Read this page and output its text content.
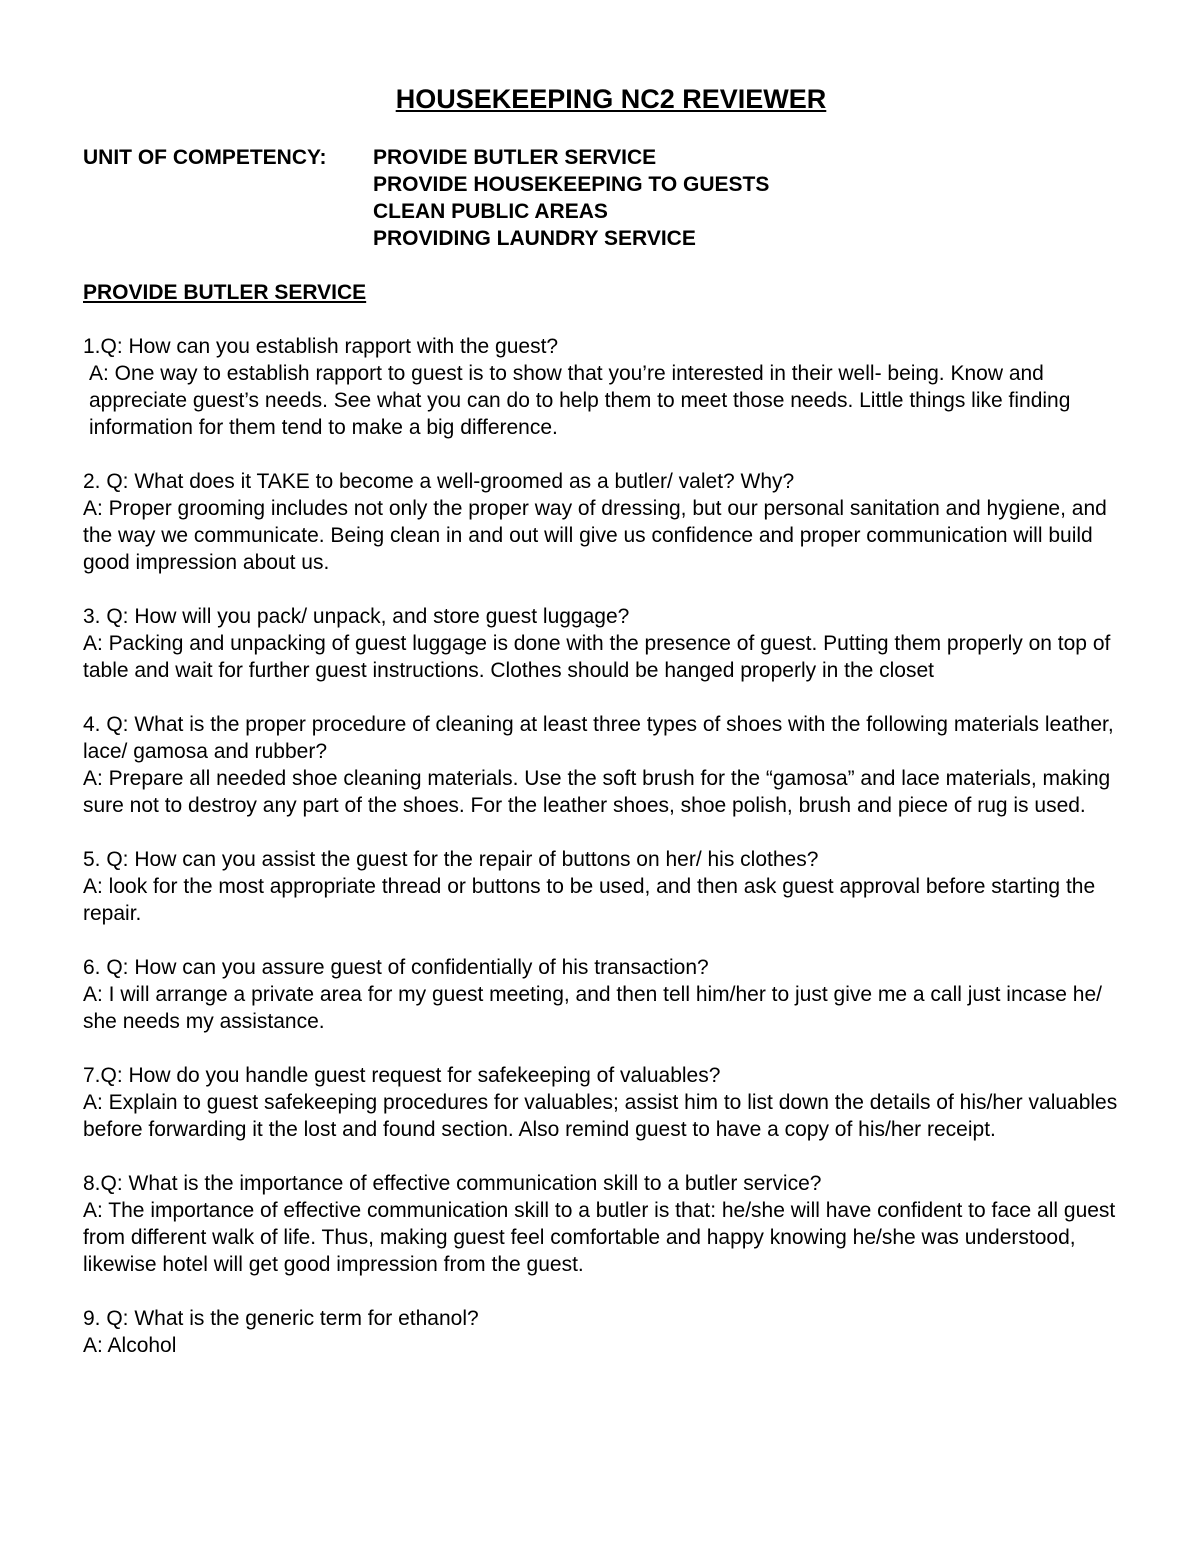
HOUSEKEEPING NC2 REVIEWER
UNIT OF COMPETENCY:	PROVIDE BUTLER SERVICE
PROVIDE HOUSEKEEPING TO GUESTS
CLEAN PUBLIC AREAS
PROVIDING LAUNDRY SERVICE
PROVIDE BUTLER SERVICE

1.Q: How can you establish rapport with the guest?

A: One way to establish rapport to guest is to show that you’re interested in their well- being. Know and appreciate guest’s needs. See what you can do to help them to meet those needs. Little things like finding information for them tend to make a big difference.

2. Q: What does it TAKE to become a well-groomed as a butler/ valet? Why?

A: Proper grooming includes not only the proper way of dressing, but our personal sanitation and hygiene, and the way we communicate. Being clean in and out will give us confidence and proper communication will build good impression about us.

3. Q: How will you pack/ unpack, and store guest luggage?

A: Packing and unpacking of guest luggage is done with the presence of guest. Putting them properly on top of table and wait for further guest instructions. Clothes should be hanged properly in the closet

4. Q: What is the proper procedure of cleaning at least three types of shoes with the following materials leather, lace/ gamosa and rubber?

A: Prepare all needed shoe cleaning materials. Use the soft brush for the “gamosa” and lace materials, making sure not to destroy any part of the shoes. For the leather shoes, shoe polish, brush and piece of rug is used.

5. Q: How can you assist the guest for the repair of buttons on her/ his clothes?

A: look for the most appropriate thread or buttons to be used, and then ask guest approval before starting the repair.

6. Q: How can you assure guest of confidentially of his transaction?

A: I will arrange a private area for my guest meeting, and then tell him/her to just give me a call just incase he/ she needs my assistance.

7.Q: How do you handle guest request for safekeeping of valuables?

A: Explain to guest safekeeping procedures for valuables; assist him to list down the details of his/her valuables before forwarding it the lost and found section. Also remind guest to have a copy of his/her receipt.

8.Q: What is the importance of effective communication skill to a butler service?

A: The importance of effective communication skill to a butler is that: he/she will have confident to face all guest from different walk of life. Thus, making guest feel comfortable and happy knowing he/she was understood, likewise hotel will get good impression from the guest.

9. Q: What is the generic term for ethanol?

A: Alcohol
